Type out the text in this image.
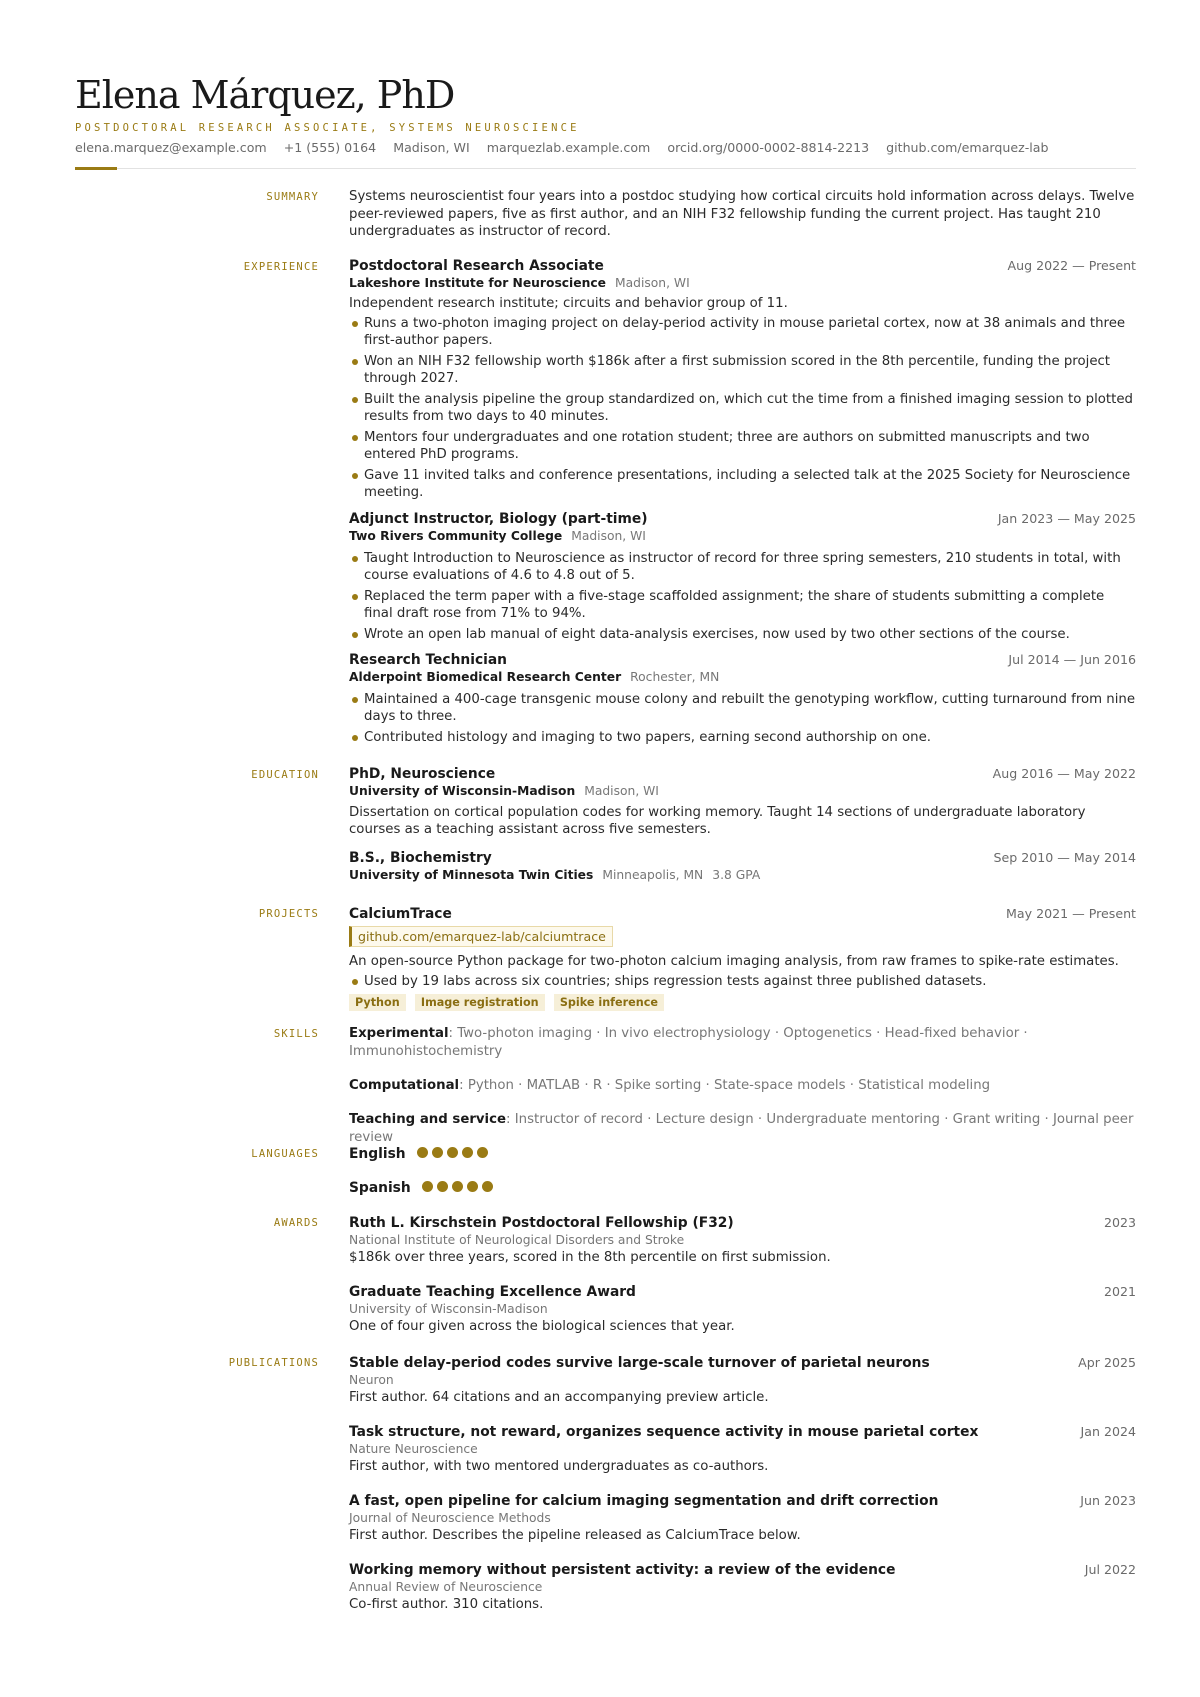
Elena Márquez, PhD
POSTDOCTORAL RESEARCH ASSOCIATE, SYSTEMS NEUROSCIENCE
elena.marquez@example.com +1 (555) 0164 Madison, WI marquezlab.example.com orcid.org/0000-0002-8814-2213 github.com/emarquez-lab
SUMMARY Systems neuroscientist four years into a postdoc studying how cortical circuits hold information across delays. Twelve peer-reviewed papers, five as first author, and an NIH F32 fellowship funding the current project. Has taught 210 undergraduates as instructor of record.
EXPERIENCE Postdoctoral Research Associate	Aug 2022 — Present
Lakeshore Institute for Neuroscience Madison, WI
Independent research institute; circuits and behavior group of 11.
Runs a two-photon imaging project on delay-period activity in mouse parietal cortex, now at 38 animals and three first-author papers.
Won an NIH F32 fellowship worth $186k after a first submission scored in the 8th percentile, funding the project through 2027.
Built the analysis pipeline the group standardized on, which cut the time from a finished imaging session to plotted results from two days to 40 minutes.
Mentors four undergraduates and one rotation student; three are authors on submitted manuscripts and two entered PhD programs.
Gave 11 invited talks and conference presentations, including a selected talk at the 2025 Society for Neuroscience meeting.
Adjunct Instructor, Biology (part-time)	Jan 2023 — May 2025
Two Rivers Community College Madison, WI
Taught Introduction to Neuroscience as instructor of record for three spring semesters, 210 students in total, with course evaluations of 4.6 to 4.8 out of 5.
Replaced the term paper with a five-stage scaffolded assignment; the share of students submitting a complete final draft rose from 71% to 94%.
Wrote an open lab manual of eight data-analysis exercises, now used by two other sections of the course.
Research Technician	Jul 2014 — Jun 2016
Alderpoint Biomedical Research Center Rochester, MN
Maintained a 400-cage transgenic mouse colony and rebuilt the genotyping workflow, cutting turnaround from nine days to three.
Contributed histology and imaging to two papers, earning second authorship on one.
EDUCATION PhD, Neuroscience	Aug 2016 — May 2022
University of Wisconsin-Madison Madison, WI
Dissertation on cortical population codes for working memory. Taught 14 sections of undergraduate laboratory courses as a teaching assistant across five semesters.
B.S., Biochemistry	Sep 2010 — May 2014
University of Minnesota Twin Cities Minneapolis, MN 3.8 GPA
PROJECTS CalciumTrace	May 2021 — Present
github.com/emarquez-lab/calciumtrace
An open-source Python package for two-photon calcium imaging analysis, from raw frames to spike-rate estimates.
Used by 19 labs across six countries; ships regression tests against three published datasets.
Python Image registration Spike inference
SKILLS Experimental: Two-photon imaging · In vivo electrophysiology · Optogenetics · Head-fixed behavior · Immunohistochemistry
Computational: Python · MATLAB · R · Spike sorting · State-space models · Statistical modeling
Teaching and service: Instructor of record · Lecture design · Undergraduate mentoring · Grant writing · Journal peer review
LANGUAGES English
Spanish
AWARDS Ruth L. Kirschstein Postdoctoral Fellowship (F32)	2023
National Institute of Neurological Disorders and Stroke
$186k over three years, scored in the 8th percentile on first submission.
Graduate Teaching Excellence Award	2021
University of Wisconsin-Madison
One of four given across the biological sciences that year.
PUBLICATIONS Stable delay-period codes survive large-scale turnover of parietal neurons	Apr 2025
Neuron
First author. 64 citations and an accompanying preview article.
Task structure, not reward, organizes sequence activity in mouse parietal cortex	Jan 2024
Nature Neuroscience
First author, with two mentored undergraduates as co-authors.
A fast, open pipeline for calcium imaging segmentation and drift correction	Jun 2023
Journal of Neuroscience Methods
First author. Describes the pipeline released as CalciumTrace below.
Working memory without persistent activity: a review of the evidence	Jul 2022
Annual Review of Neuroscience
Co-first author. 310 citations.
